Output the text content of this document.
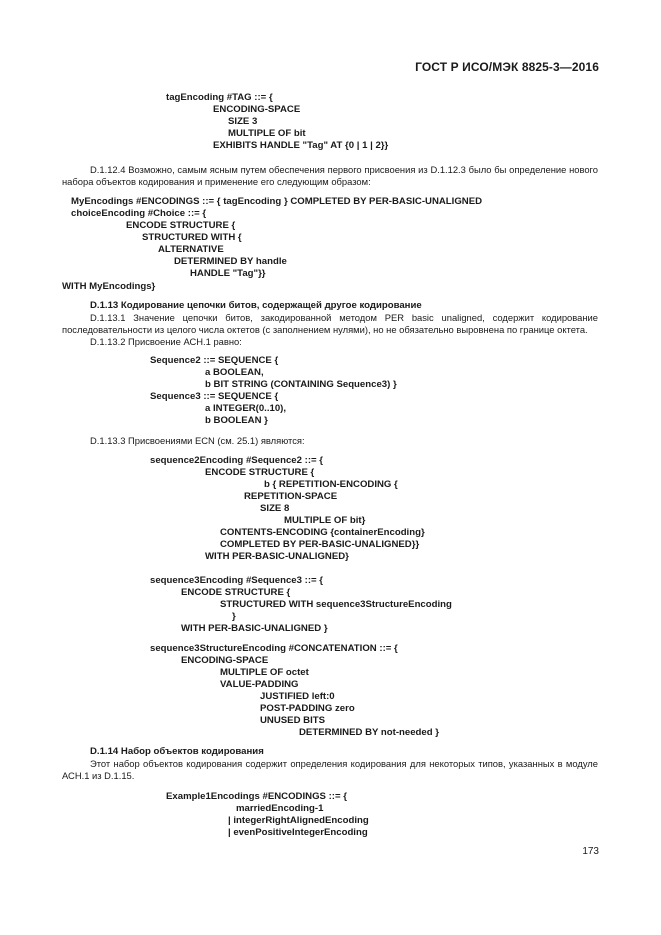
ГОСТ Р ИСО/МЭК 8825-3—2016
tagEncoding #TAG ::= {
ENCODING-SPACE
SIZE 3
MULTIPLE OF bit
EXHIBITS HANDLE "Tag" AT {0 | 1 | 2}}
D.1.12.4 Возможно, самым ясным путем обеспечения первого присвоения из D.1.12.3 было бы определение нового набора объектов кодирования и применение его следующим образом:
MyEncodings #ENCODINGS ::= { tagEncoding } COMPLETED BY PER-BASIC-UNALIGNED
choiceEncoding #Choice ::= {
ENCODE STRUCTURE {
STRUCTURED WITH {
ALTERNATIVE
DETERMINED BY handle
HANDLE "Tag"}}
WITH MyEncodings}
D.1.13 Кодирование цепочки битов, содержащей другое кодирование
D.1.13.1 Значение цепочки битов, закодированной методом PER basic unaligned, содержит кодирование последовательности из целого числа октетов (с заполнением нулями), но не обязательно выровнена по границе октета.
D.1.13.2 Присвоение АСН.1 равно:
Sequence2 ::= SEQUENCE {
a BOOLEAN,
b BIT STRING (CONTAINING Sequence3) }
Sequence3 ::= SEQUENCE {
a INTEGER(0..10),
b BOOLEAN }
D.1.13.3 Присвоениями ECN (см. 25.1) являются:
sequence2Encoding #Sequence2 ::= {
ENCODE STRUCTURE {
b { REPETITION-ENCODING {
REPETITION-SPACE
SIZE 8
MULTIPLE OF bit}
CONTENTS-ENCODING {containerEncoding}
COMPLETED BY PER-BASIC-UNALIGNED}}
WITH PER-BASIC-UNALIGNED}
sequence3Encoding #Sequence3 ::= {
ENCODE STRUCTURE {
STRUCTURED WITH sequence3StructureEncoding
}
WITH PER-BASIC-UNALIGNED }
sequence3StructureEncoding #CONCATENATION ::= {
ENCODING-SPACE
MULTIPLE OF octet
VALUE-PADDING
JUSTIFIED left:0
POST-PADDING zero
UNUSED BITS
DETERMINED BY not-needed }
D.1.14 Набор объектов кодирования
Этот набор объектов кодирования содержит определения кодирования для некоторых типов, указанных в модуле АСН.1 из D.1.15.
Example1Encodings #ENCODINGS ::= {
marriedEncoding-1
| integerRightAlignedEncoding
| evenPositiveIntegerEncoding
173
